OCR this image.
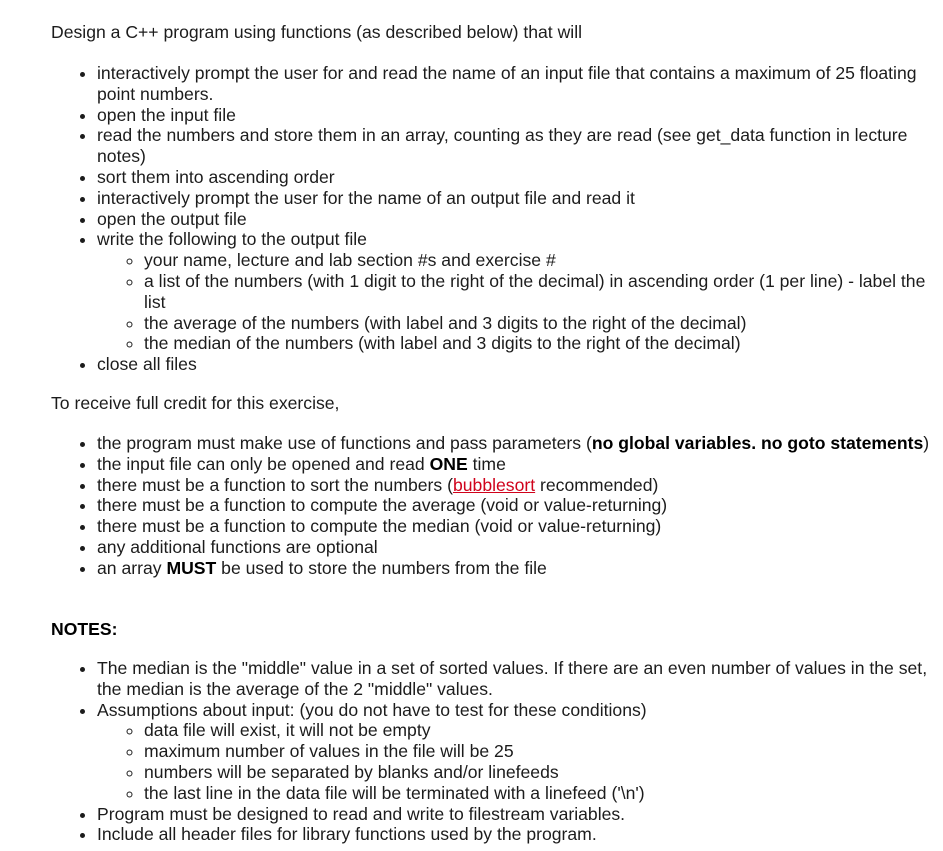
Design a C++ program using functions (as described below) that will

• interactively prompt the user for and read the name of an input file that contains a maximum of 25 floating point numbers.
• open the input file
• read the numbers and store them in an array, counting as they are read (see get_data function in lecture notes)
• sort them into ascending order
• interactively prompt the user for the name of an output file and read it
• open the output file
• write the following to the output file
◦ your name, lecture and lab section #s and exercise #
◦ a list of the numbers (with 1 digit to the right of the decimal) in ascending order (1 per line) - label the list
◦ the average of the numbers (with label and 3 digits to the right of the decimal)
◦ the median of the numbers (with label and 3 digits to the right of the decimal)
• close all files

To receive full credit for this exercise,

• the program must make use of functions and pass parameters (no global variables. no goto statements)
• the input file can only be opened and read ONE time
• there must be a function to sort the numbers (bubblesort recommended)
• there must be a function to compute the average (void or value-returning)
• there must be a function to compute the median (void or value-returning)
• any additional functions are optional
• an array MUST be used to store the numbers from the file

NOTES:

• The median is the "middle" value in a set of sorted values. If there are an even number of values in the set, the median is the average of the 2 "middle" values.
• Assumptions about input: (you do not have to test for these conditions)
◦ data file will exist, it will not be empty
◦ maximum number of values in the file will be 25
◦ numbers will be separated by blanks and/or linefeeds
◦ the last line in the data file will be terminated with a linefeed ('\n')
• Program must be designed to read and write to filestream variables.
• Include all header files for library functions used by the program.
